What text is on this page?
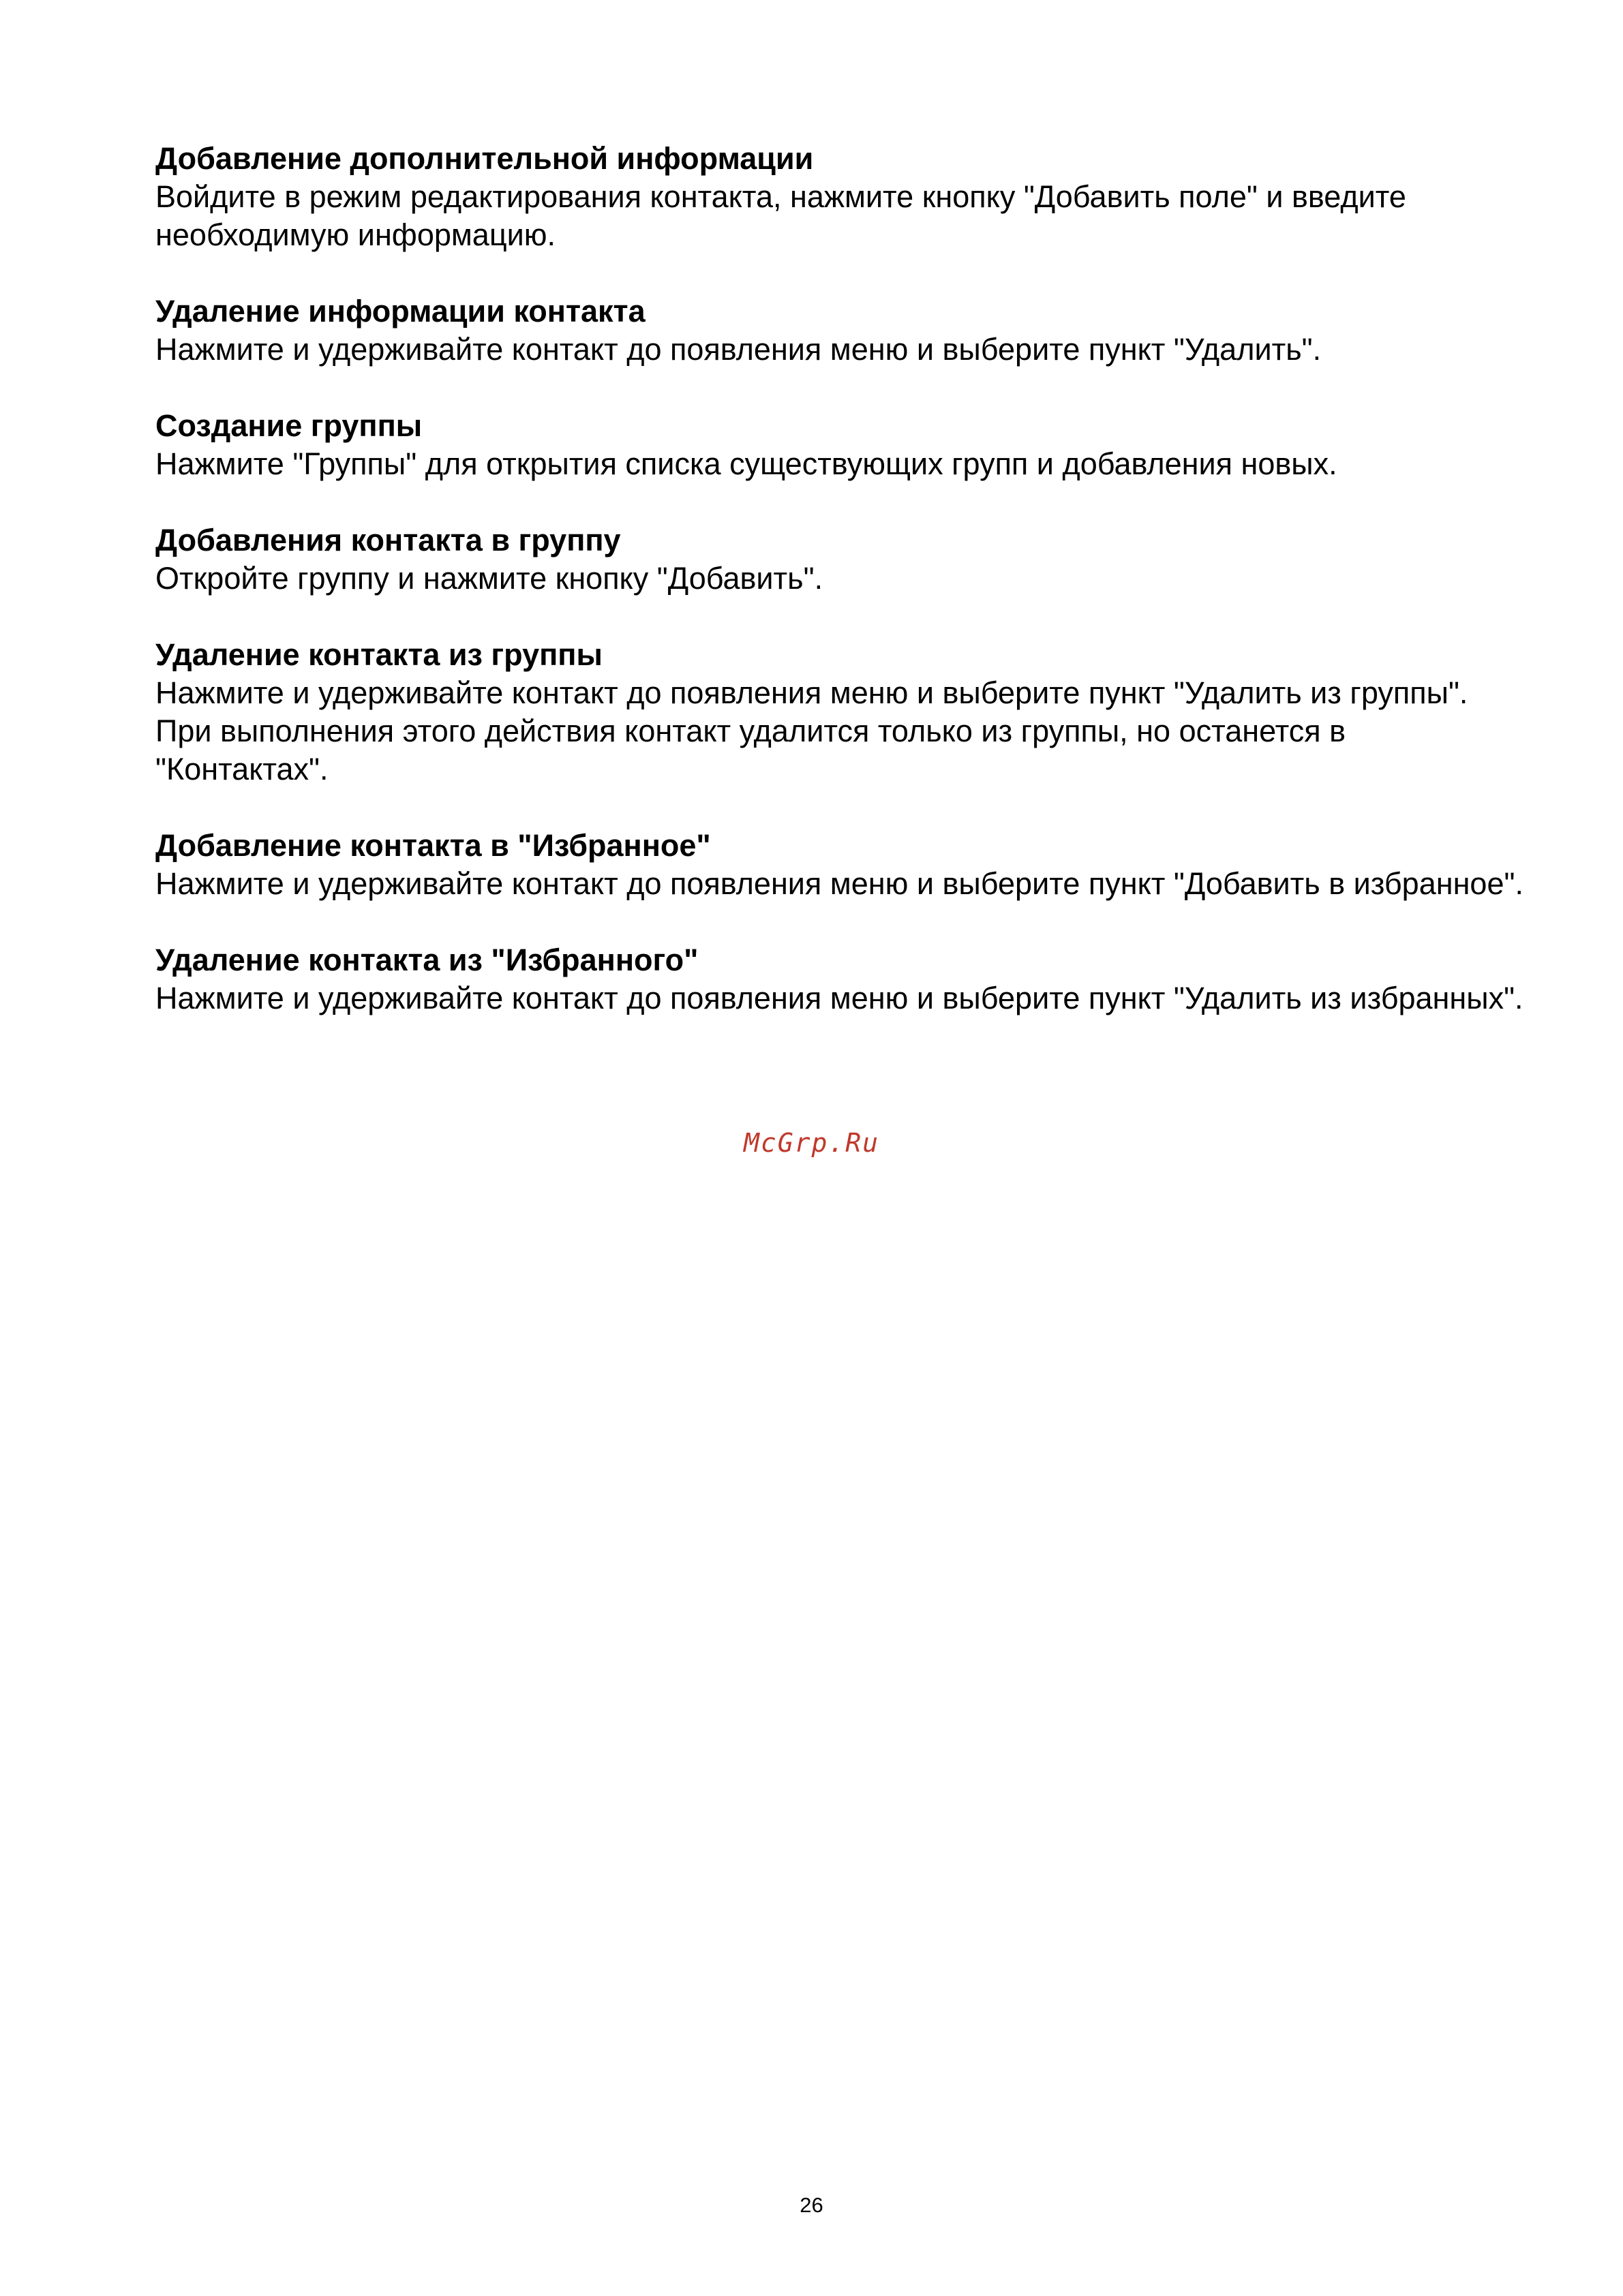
Добавление дополнительной информации

Войдите в режим редактирования контакта, нажмите кнопку "Добавить поле" и введите необходимую информацию.

Удаление информации контакта

Нажмите и удерживайте контакт до появления меню и выберите пункт "Удалить".

Создание группы

Нажмите "Группы" для открытия списка существующих групп и добавления новых.

Добавления контакта в группу

Откройте группу и нажмите кнопку "Добавить".

Удаление контакта из группы

Нажмите и удерживайте контакт до появления меню и выберите пункт "Удалить из группы". При выполнения этого действия контакт удалится только из группы, но останется в "Контактах".

Добавление контакта в "Избранное"

Нажмите и удерживайте контакт до появления меню и выберите пункт "Добавить в избранное".

Удаление контакта из "Избранного"

Нажмите и удерживайте контакт до появления меню и выберите пункт "Удалить из избранных".

McGrp.Ru
26
